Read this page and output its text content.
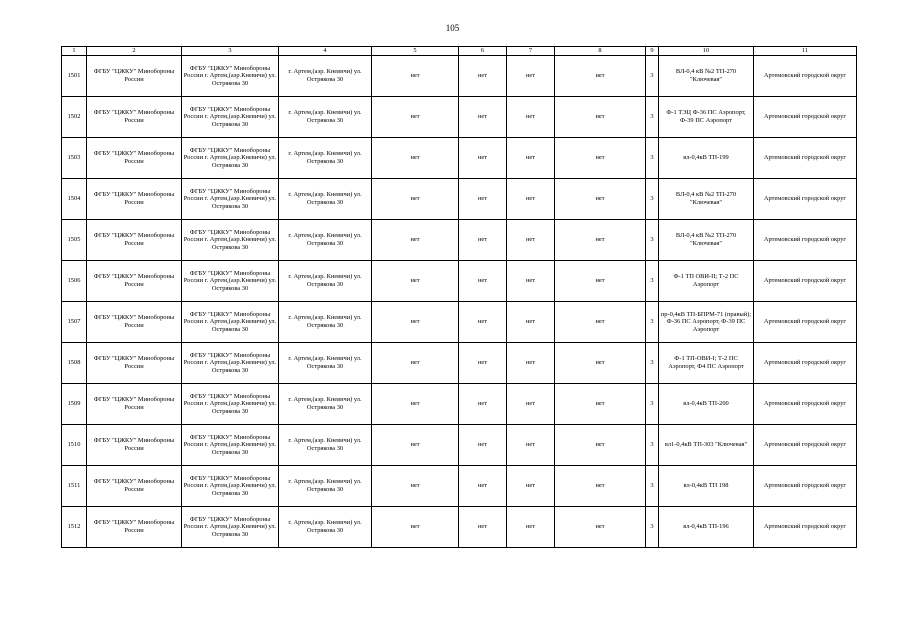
105
1	2	3	4	5	6	7	8	9	10	11
1501	ФГБУ "ЦЖКУ" Минобороны России	ФГБУ "ЦЖКУ" Минобороны России г. Артем,(аэр.Кневичи) ул. Острякова 30	г. Артем,(аэр. Кневичи) ул. Острякова 30	нет	нет	нет	нет	3	ВЛ-0,4 кВ №2 ТП-270 "Ключевая"	Артемовский городской округ
1502	ФГБУ "ЦЖКУ" Минобороны России	ФГБУ "ЦЖКУ" Минобороны России г. Артем,(аэр.Кневичи) ул. Острякова 30	г. Артем,(аэр. Кневичи) ул. Острякова 30	нет	нет	нет	нет	3	Ф-1 ТЭЦ Ф-36 ПС Аэропорт, Ф-39 ПС Аэропорт	Артемовский городской округ
1503	ФГБУ "ЦЖКУ" Минобороны России	ФГБУ "ЦЖКУ" Минобороны России г. Артем,(аэр.Кневичи) ул. Острякова 30	г. Артем,(аэр. Кневичи) ул. Острякова 30	нет	нет	нет	нет	3	вл-0,4кВ ТП-199	Артемовский городской округ
1504	ФГБУ "ЦЖКУ" Минобороны России	ФГБУ "ЦЖКУ" Минобороны России г. Артем,(аэр.Кневичи) ул. Острякова 30	г. Артем,(аэр. Кневичи) ул. Острякова 30	нет	нет	нет	нет	3	ВЛ-0,4 кВ №2 ТП-270 "Ключевая"	Артемовский городской округ
1505	ФГБУ "ЦЖКУ" Минобороны России	ФГБУ "ЦЖКУ" Минобороны России г. Артем,(аэр.Кневичи) ул. Острякова 30	г. Артем,(аэр. Кневичи) ул. Острякова 30	нет	нет	нет	нет	3	ВЛ-0,4 кВ №2 ТП-270 "Ключевая"	Артемовский городской округ
1506	ФГБУ "ЦЖКУ" Минобороны России	ФГБУ "ЦЖКУ" Минобороны России г. Артем,(аэр.Кневичи) ул. Острякова 30	г. Артем,(аэр. Кневичи) ул. Острякова 30	нет	нет	нет	нет	3	Ф-1 ТП ОВИ-II; Т-2 ПС Аэропорт	Артемовский городской округ
1507	ФГБУ "ЦЖКУ" Минобороны России	ФГБУ "ЦЖКУ" Минобороны России г. Артем,(аэр.Кневичи) ул. Острякова 30	г. Артем,(аэр. Кневичи) ул. Острякова 30	нет	нет	нет	нет	3	пр-0,4кВ ТП-БПРМ-71 (правый); Ф-36 ПС Аэропорт, Ф-39 ПС Аэропорт	Артемовский городской округ
1508	ФГБУ "ЦЖКУ" Минобороны России	ФГБУ "ЦЖКУ" Минобороны России г. Артем,(аэр.Кневичи) ул. Острякова 30	г. Артем,(аэр. Кневичи) ул. Острякова 30	нет	нет	нет	нет	3	Ф-1 ТП-ОВИ-I; Т-2 ПС Аэропорт, Ф4 ПС Аэропорт	Артемовский городской округ
1509	ФГБУ "ЦЖКУ" Минобороны России	ФГБУ "ЦЖКУ" Минобороны России г. Артем,(аэр.Кневичи) ул. Острякова 30	г. Артем,(аэр. Кневичи) ул. Острякова 30	нет	нет	нет	нет	3	вл-0,4кВ ТП-200	Артемовский городской округ
1510	ФГБУ "ЦЖКУ" Минобороны России	ФГБУ "ЦЖКУ" Минобороны России г. Артем,(аэр.Кневичи) ул. Острякова 30	г. Артем,(аэр. Кневичи) ул. Острякова 30	нет	нет	нет	нет	3	вл1-0,4кВ ТП-303 "Ключевая"	Артемовский городской округ
1511	ФГБУ "ЦЖКУ" Минобороны России	ФГБУ "ЦЖКУ" Минобороны России г. Артем,(аэр.Кневичи) ул. Острякова 30	г. Артем,(аэр. Кневичи) ул. Острякова 30	нет	нет	нет	нет	3	вл-0,4кВ ТП 198	Артемовский городской округ
1512	ФГБУ "ЦЖКУ" Минобороны России	ФГБУ "ЦЖКУ" Минобороны России г. Артем,(аэр.Кневичи) ул. Острякова 30	г. Артем,(аэр. Кневичи) ул. Острякова 30	нет	нет	нет	нет	3	вл-0,4кВ ТП-196	Артемовский городской округ
